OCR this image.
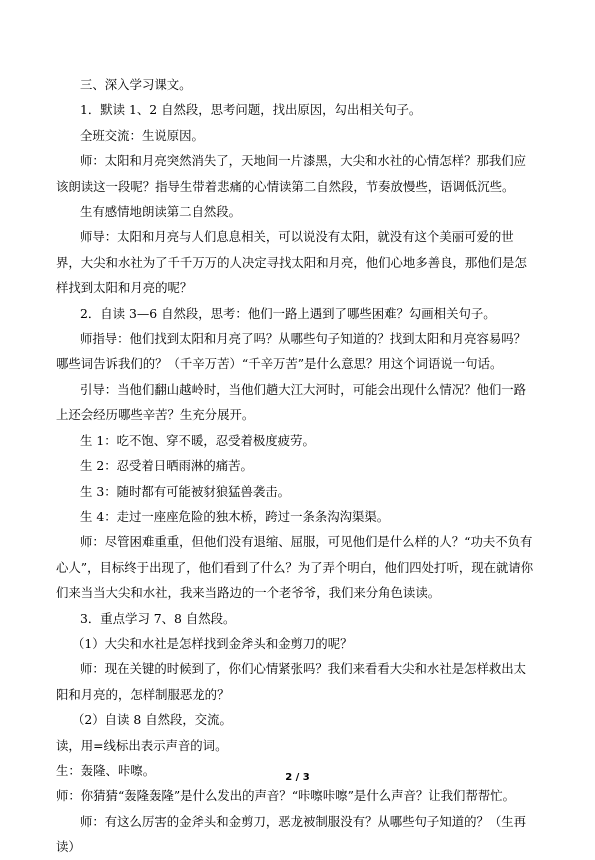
三、深入学习课文。

1．默读 1、2 自然段，思考问题，找出原因，勾出相关句子。

全班交流：生说原因。

师：太阳和月亮突然消失了，天地间一片漆黑，大尖和水社的心情怎样？那我们应该朗读这一段呢？指导生带着悲痛的心情读第二自然段，节奏放慢些，语调低沉些。

生有感情地朗读第二自然段。

师导：太阳和月亮与人们息息相关，可以说没有太阳，就没有这个美丽可爱的世界，大尖和水社为了千千万万的人决定寻找太阳和月亮，他们心地多善良，那他们是怎样找到太阳和月亮的呢？

2．自读 3—6 自然段，思考：他们一路上遇到了哪些困难？勾画相关句子。

师指导：他们找到太阳和月亮了吗？从哪些句子知道的？找到太阳和月亮容易吗？哪些词告诉我们的？（千辛万苦）“千辛万苦”是什么意思？用这个词语说一句话。

引导：当他们翻山越岭时，当他们趟大江大河时，可能会出现什么情况？他们一路上还会经历哪些辛苦？生充分展开。

生 1：吃不饱、穿不暖，忍受着极度疲劳。

生 2：忍受着日晒雨淋的痛苦。

生 3：随时都有可能被豺狼猛兽袭击。

生 4：走过一座座危险的独木桥，跨过一条条沟沟渠渠。

师：尽管困难重重，但他们没有退缩、屈服，可见他们是什么样的人？“功夫不负有心人”，目标终于出现了，他们看到了什么？为了弄个明白，他们四处打听，现在就请你们来当当大尖和水社，我来当路边的一个老爷爷，我们来分角色读读。

3．重点学习 7、8 自然段。

（1）大尖和水社是怎样找到金斧头和金剪刀的呢？

师：现在关键的时候到了，你们心情紧张吗？我们来看看大尖和水社是怎样救出太阳和月亮的，怎样制服恶龙的？

（2）自读 8 自然段，交流。

读，用=线标出表示声音的词。

生：轰隆、咔嚓。

师：你猜猜“轰隆轰隆”是什么发出的声音？“咔嚓咔嚓”是什么声音？让我们帮帮忙。

师：有这么厉害的金斧头和金剪刀，恶龙被制服没有？从哪些句子知道的？（生再读）

2 / 3
